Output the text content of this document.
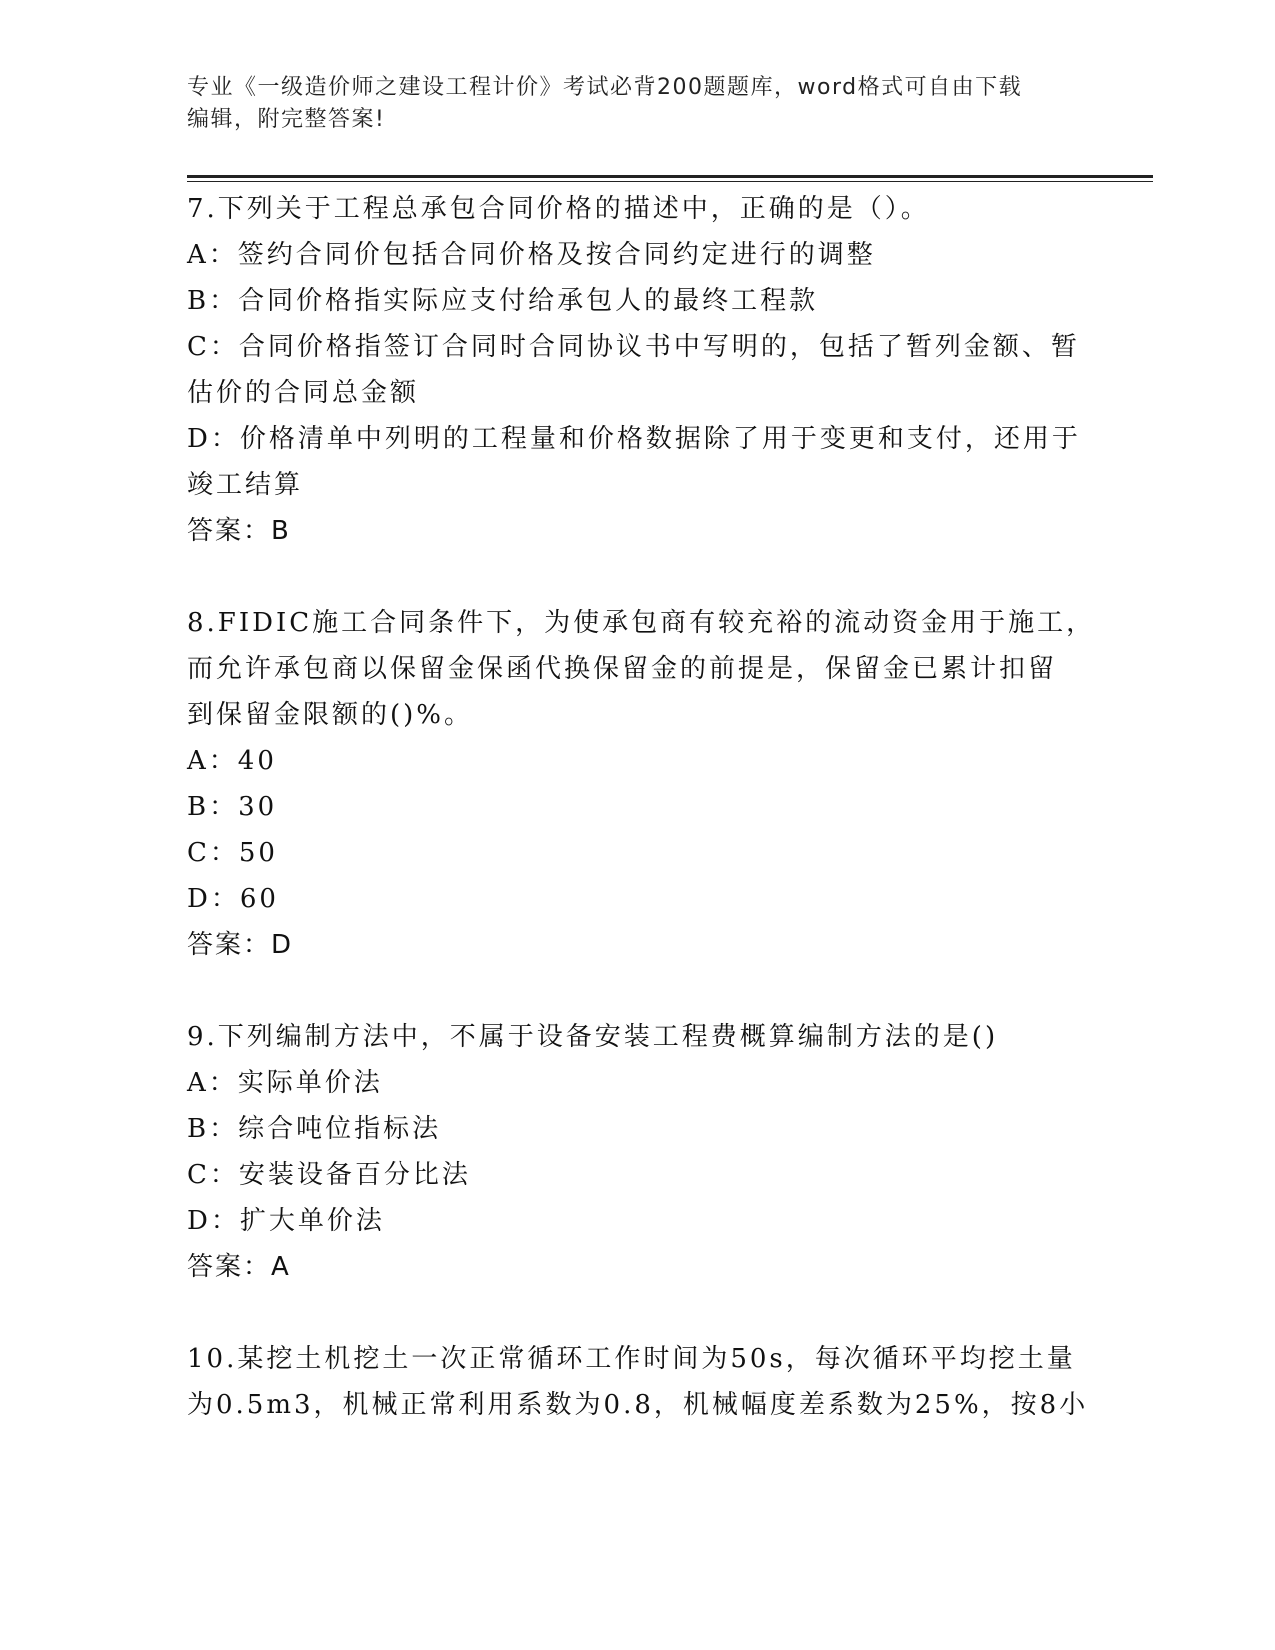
专业《一级造价师之建设工程计价》考试必背200题题库，word格式可自由下载
编辑，附完整答案!
7.下列关于工程总承包合同价格的描述中，正确的是（）。
A：签约合同价包括合同价格及按合同约定进行的调整
B：合同价格指实际应支付给承包人的最终工程款
C：合同价格指签订合同时合同协议书中写明的，包括了暂列金额、暂
估价的合同总金额
D：价格清单中列明的工程量和价格数据除了用于变更和支付，还用于
竣工结算
答案：B
8.FIDIC施工合同条件下，为使承包商有较充裕的流动资金用于施工，
而允许承包商以保留金保函代换保留金的前提是，保留金已累计扣留
到保留金限额的()%。
A：40
B：30
C：50
D：60
答案：D
9.下列编制方法中，不属于设备安装工程费概算编制方法的是()
A：实际单价法
B：综合吨位指标法
C：安装设备百分比法
D：扩大单价法
答案：A
10.某挖土机挖土一次正常循环工作时间为50s，每次循环平均挖土量
为0.5m3，机械正常利用系数为0.8，机械幅度差系数为25%，按8小
